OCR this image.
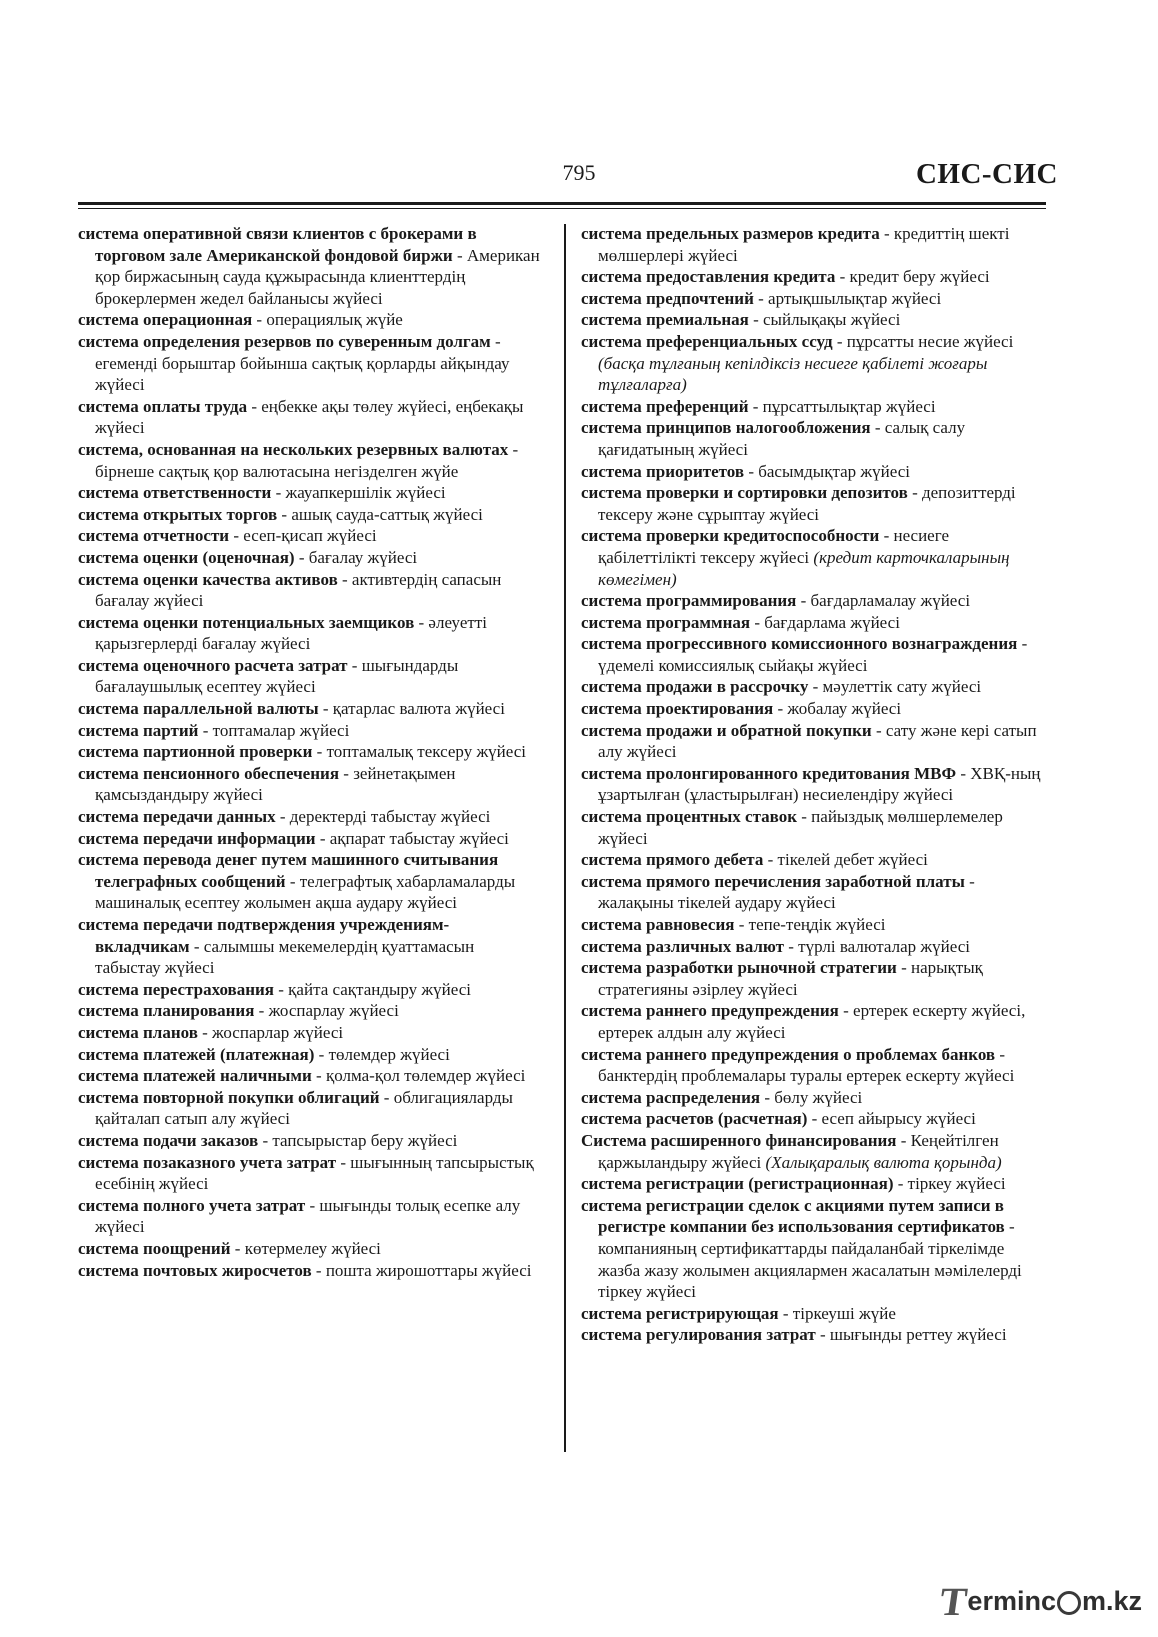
795	СИС-СИС

система оперативной связи клиентов с брокерами в торговом зале Американской фондовой биржи - Американ қор биржасының сауда құжырасында клиенттердің брокерлермен жедел байланысы жүйесі

система операционная - операциялық жүйе

система определения резервов по суверенным долгам - егеменді борыштар бойынша сақтық қорларды айқындау жүйесі

система оплаты труда - еңбекке ақы төлеу жүйесі, еңбекақы жүйесі

система, основанная на нескольких резервных валютах - бірнеше сақтық қор валютасына негізделген жүйе

система ответственности - жауапкершілік жүйесі

система открытых торгов - ашық сауда-саттық жүйесі

система отчетности - есеп-қисап жүйесі

система оценки (оценочная) - бағалау жүйесі

система оценки качества активов - активтердің сапасын бағалау жүйесі

система оценки потенциальных заемщиков - әлеуетті қарызгерлерді бағалау жүйесі

система оценочного расчета затрат - шығындарды бағалаушылық есептеу жүйесі

система параллельной валюты - қатарлас валюта жүйесі

система партий - топтамалар жүйесі

система партионной проверки - топтамалық тексеру жүйесі

система пенсионного обеспечения - зейнетақымен қамсыздандыру жүйесі

система передачи данных - деректерді табыстау жүйесі

система передачи информации - ақпарат табыстау жүйесі

система перевода денег путем машинного считывания телеграфных сообщений - телеграфтық хабарламаларды машиналық есептеу жолымен ақша аудару жүйесі

система передачи подтверждения учреждениям-вкладчикам - салымшы мекемелердің қуаттамасын табыстау жүйесі

система перестрахования - қайта сақтандыру жүйесі

система планирования - жоспарлау жүйесі

система планов - жоспарлар жүйесі

система платежей (платежная) - төлемдер жүйесі

система платежей наличными - қолма-қол төлемдер жүйесі

система повторной покупки облигаций - облигацияларды қайталап сатып алу жүйесі

система подачи заказов - тапсырыстар беру жүйесі

система позаказного учета затрат - шығынның тапсырыстық есебінің жүйесі

система полного учета затрат - шығынды толық есепке алу жүйесі

система поощрений - көтермелеу жүйесі

система почтовых жиросчетов - пошта жирошоттары жүйесі

система предельных размеров кредита - кредиттің шекті мөлшерлері жүйесі

система предоставления кредита - кредит беру жүйесі

система предпочтений - артықшылықтар жүйесі

система премиальная - сыйлықақы жүйесі

система преференциальных ссуд - пұрсатты несие жүйесі (басқа тұлғаның кепілдіксіз несиеге қабілеті жоғары тұлғаларға)

система преференций - пұрсаттылықтар жүйесі

система принципов налогообложения - салық салу қағидатының жүйесі

система приоритетов - басымдықтар жүйесі

система проверки и сортировки депозитов - депозиттерді тексеру және сұрыптау жүйесі

система проверки кредитоспособности - несиеге қабілеттілікті тексеру жүйесі (кредит карточкаларының көмегімен)

система программирования - бағдарламалау жүйесі

система программная - бағдарлама жүйесі

система прогрессивного комиссионного вознаграждения - үдемелі комиссиялық сыйақы жүйесі

система продажи в рассрочку - мәулеттік сату жүйесі

система проектирования - жобалау жүйесі

система продажи и обратной покупки - сату және кері сатып алу жүйесі

система пролонгированного кредитования МВФ - ХВҚ-ның ұзартылған (ұластырылған) несиелендіру жүйесі

система процентных ставок - пайыздық мөлшерлемелер жүйесі

система прямого дебета - тікелей дебет жүйесі

система прямого перечисления заработной платы - жалақыны тікелей аудару жүйесі

система равновесия - тепе-теңдік жүйесі

система различных валют - түрлі валюталар жүйесі

система разработки рыночной стратегии - нарықтық стратегияны әзірлеу жүйесі

система раннего предупреждения - ертерек ескерту жүйесі, ертерек алдын алу жүйесі

система раннего предупреждения о проблемах банков - банктердің проблемалары туралы ертерек ескерту жүйесі

система распределения - бөлу жүйесі

система расчетов (расчетная) - есеп айырысу жүйесі

Система расширенного финансирования - Кеңейтілген қаржыландыру жүйесі (Халықаралық валюта қорында)

система регистрации (регистрационная) - тіркеу жүйесі

система регистрации сделок с акциями путем записи в регистре компании без использования сертификатов - компанияның сертификаттарды пайдаланбай тіркелімде жазба жазу жолымен акциялармен жасалатын мәмілелерді тіркеу жүйесі

система регистрирующая - тіркеуші жүйе

система регулирования затрат - шығынды реттеу жүйесі

T
erminc m.kz
